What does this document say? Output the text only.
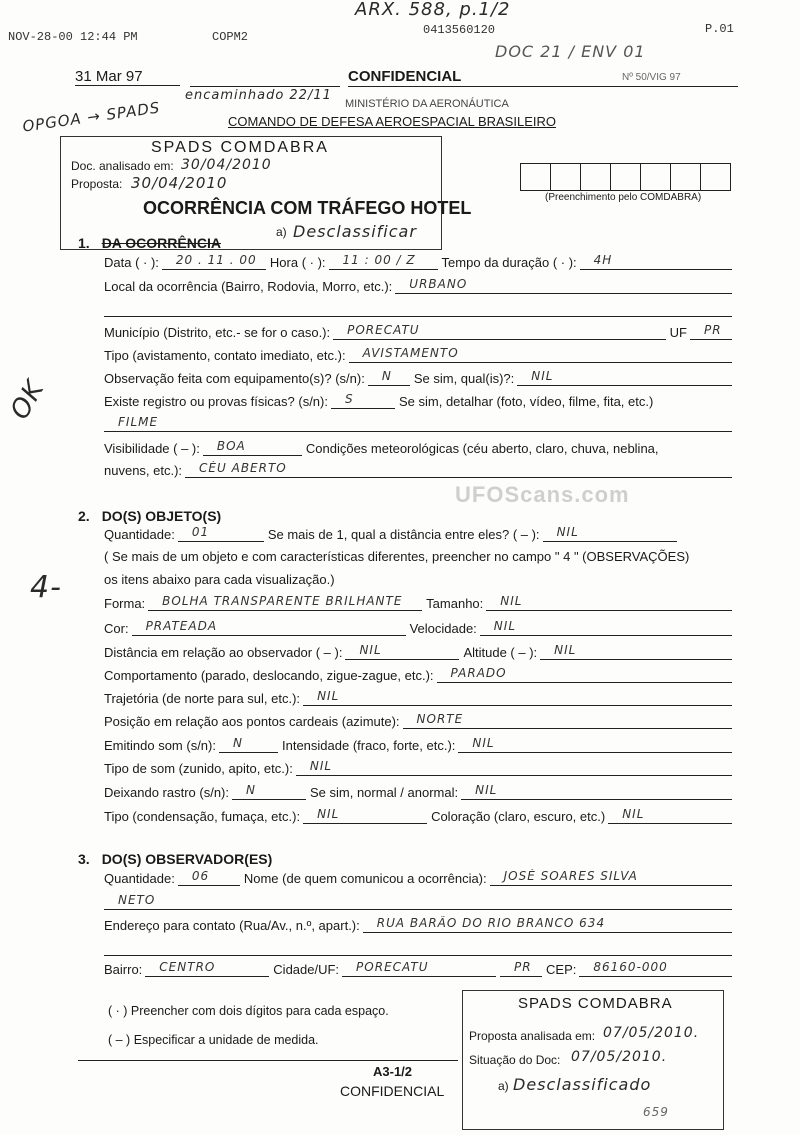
NOV-28-00 12:44 PM	COPM2	0413560120	P.01
ARX. 588, p.1/2
DOC 21 / ENV 01
OPGOA → SPADS
encaminhado 22/11
OK
4-
31 Mar 97	CONFIDENCIAL	Nº 50/VIG 97
MINISTÉRIO DA AERONÁUTICA
COMANDO DE DEFESA AEROESPACIAL BRASILEIRO
OCORRÊNCIA COM TRÁFEGO HOTEL
(Preenchimento pelo COMDABRA)
SPADS COMDABRA
Doc. analisado em: 30/04/2010
Proposta: 30/04/2010
a) Desclassificar
UFOScans.com
1. DA OCORRÊNCIA
2. DO(S) OBJETO(S)
3. DO(S) OBSERVADOR(ES)
Data ( · ):	20 . 11 . 00	Hora ( · ):	11 : 00 / Z	Tempo da duração ( · ):	4H
Local da ocorrência (Bairro, Rodovia, Morro, etc.):	URBANO
Município (Distrito, etc.- se for o caso.):	PORECATU	UF	PR
Tipo (avistamento, contato imediato, etc.):	AVISTAMENTO
Observação feita com equipamento(s)? (s/n):	N	Se sim, qual(is)?:	NIL
Existe registro ou provas físicas? (s/n):	S	Se sim, detalhar (foto, vídeo, filme, fita, etc.)
FILME
Visibilidade ( – ):	BOA	Condições meteorológicas (céu aberto, claro, chuva, neblina,
nuvens, etc.):	CÉU ABERTO
Quantidade:	01	Se mais de 1, qual a distância entre eles? ( – ):	NIL
( Se mais de um objeto e com características diferentes, preencher no campo " 4 " (OBSERVAÇÕES)
os itens abaixo para cada visualização.)
Forma:	BOLHA TRANSPARENTE BRILHANTE	Tamanho:	NIL
Cor:	PRATEADA	Velocidade:	NIL
Distância em relação ao observador ( – ):	NIL	Altitude ( – ):	NIL
Comportamento (parado, deslocando, zigue-zague, etc.):	PARADO
Trajetória (de norte para sul, etc.):	NIL
Posição em relação aos pontos cardeais (azimute):	NORTE
Emitindo som (s/n):	N	Intensidade (fraco, forte, etc.):	NIL
Tipo de som (zunido, apito, etc.):	NIL
Deixando rastro (s/n):	N	Se sim, normal / anormal:	NIL
Tipo (condensação, fumaça, etc.):	NIL	Coloração (claro, escuro, etc.)	NIL
Quantidade:	06	Nome (de quem comunicou a ocorrência):	JOSÉ SOARES SILVA
NETO
Endereço para contato (Rua/Av., n.º, apart.):	RUA BARÃO DO RIO BRANCO 634
Bairro:	CENTRO	Cidade/UF:	PORECATU	PR	CEP:	86160-000
( · ) Preencher com dois dígitos para cada espaço.
( – ) Especificar a unidade de medida.
A3-1/2
CONFIDENCIAL
SPADS COMDABRA
Proposta analisada em: 07/05/2010.
Situação do Doc: 07/05/2010.
a) Desclassificado
659
